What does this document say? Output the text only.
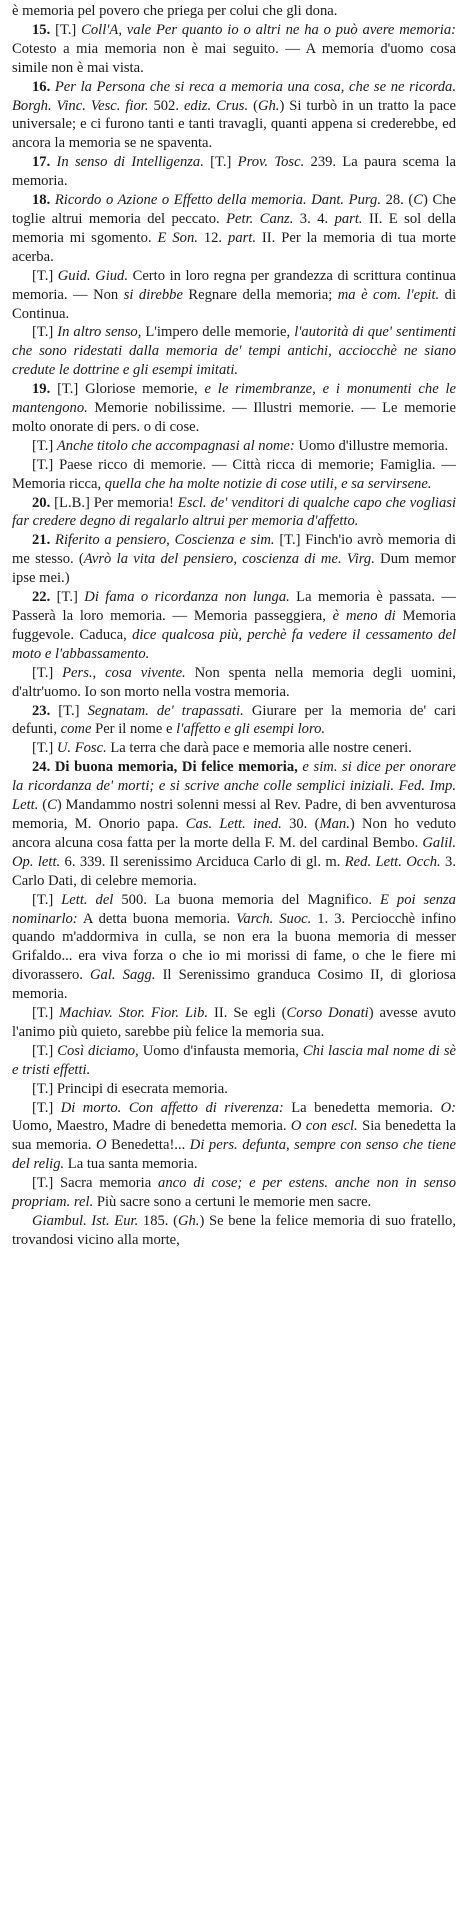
è memoria pel povero che priega per colui che gli dona.

15. [T.] Coll'A, vale Per quanto io o altri ne ha o può avere memoria: Cotesto a mia memoria non è mai seguito. — A memoria d'uomo cosa simile non è mai vista.

16. Per la Persona che si reca a memoria una cosa, che se ne ricorda. Borgh. Vinc. Vesc. fior. 502. ediz. Crus. (Gh.) Si turbò in un tratto la pace universale; e ci furono tanti e tanti travagli, quanti appena si crederebbe, ed ancora la memoria se ne spaventa.

17. In senso di Intelligenza. [T.] Prov. Tosc. 239. La paura scema la memoria.

18. Ricordo o Azione o Effetto della memoria. Dant. Purg. 28. (C) Che toglie altrui memoria del peccato. Petr. Canz. 3. 4. part. II. E sol della memoria mi sgomento. E Son. 12. part. II. Per la memoria di tua morte acerba.

[T.] Guid. Giud. Certo in loro regna per grandezza di scrittura continua memoria. — Non si direbbe Regnare della memoria; ma è com. l'epit. di Continua.

[T.] In altro senso, L'impero delle memorie, l'autorità di que' sentimenti che sono ridestati dalla memoria de' tempi antichi, acciocchè ne siano credute le dottrine e gli esempi imitati.

19. [T.] Gloriose memorie, e le rimembranze, e i monumenti che le mantengono. Memorie nobilissime. — Illustri memorie. — Le memorie molto onorate di pers. o di cose.

[T.] Anche titolo che accompagnasi al nome: Uomo d'illustre memoria.

[T.] Paese ricco di memorie. — Città ricca di memorie; Famiglia. — Memoria ricca, quella che ha molte notizie di cose utili, e sa servirsene.

20. [L.B.] Per memoria! Escl. de' venditori di qualche capo che vogliasi far credere degno di regalarlo altrui per memoria d'affetto.

21. Riferito a pensiero, Coscienza e sim. [T.] Finch'io avrò memoria di me stesso. (Avrò la vita del pensiero, coscienza di me. Virg. Dum memor ipse mei.)

22. [T.] Di fama o ricordanza non lunga. La memoria è passata. — Passerà la loro memoria. — Memoria passeggiera, è meno di Memoria fuggevole. Caduca, dice qualcosa più, perchè fa vedere il cessamento del moto e l'abbassamento.

[T.] Pers., cosa vivente. Non spenta nella memoria degli uomini, d'altr'uomo. Io son morto nella vostra memoria.

23. [T.] Segnatam. de' trapassati. Giurare per la memoria de' cari defunti, come Per il nome e l'affetto e gli esempi loro.

[T.] U. Fosc. La terra che darà pace e memoria alle nostre ceneri.

24. Di buona memoria, Di felice memoria, e sim. si dice per onorare la ricordanza de' morti; e si scrive anche colle semplici iniziali. Fed. Imp. Lett. (C) Mandammo nostri solenni messi al Rev. Padre, di ben avventurosa memoria, M. Onorio papa. Cas. Lett. ined. 30. (Man.) Non ho veduto ancora alcuna cosa fatta per la morte della F. M. del cardinal Bembo. Galil. Op. lett. 6. 339. Il serenissimo Arciduca Carlo di gl. m. Red. Lett. Occh. 3. Carlo Dati, di celebre memoria.

[T.] Lett. del 500. La buona memoria del Magnifico. E poi senza nominarlo: A detta buona memoria. Varch. Suoc. 1. 3. Perciocchè infino quando m'addormiva in culla, se non era la buona memoria di messer Grifaldo... era viva forza o che io mi morissi di fame, o che le fiere mi divorassero. Gal. Sagg. Il Serenissimo granduca Cosimo II, di gloriosa memoria.

[T.] Machiav. Stor. Fior. Lib. II. Se egli (Corso Donati) avesse avuto l'animo più quieto, sarebbe più felice la memoria sua.

[T.] Così diciamo, Uomo d'infausta memoria, Chi lascia mal nome di sè e tristi effetti.

[T.] Principi di esecrata memoria.

[T.] Di morto. Con affetto di riverenza: La benedetta memoria. O: Uomo, Maestro, Madre di benedetta memoria. O con escl. Sia benedetta la sua memoria. O Benedetta!... Di pers. defunta, sempre con senso che tiene del relig. La tua santa memoria.

[T.] Sacra memoria anco di cose; e per estens. anche non in senso propriam. rel. Più sacre sono a certuni le memorie men sacre.

Giambul. Ist. Eur. 185. (Gh.) Se bene la felice memoria di suo fratello, trovandosi vicino alla morte,
